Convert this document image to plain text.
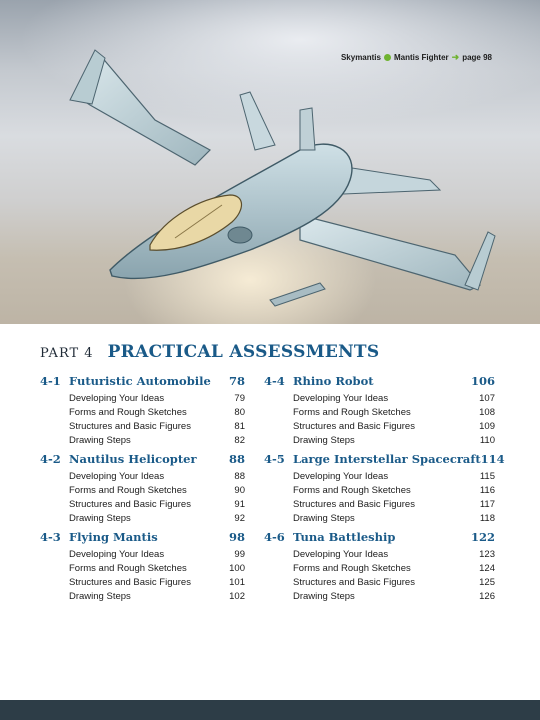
Skymantis Mantis Fighter ➜ page 98
PART 4 PRACTICAL ASSESSMENTS
4-1 Futuristic Automobile	78
Developing Your Ideas	79
Forms and Rough Sketches	80
Structures and Basic Figures	81
Drawing Steps	82
4-2 Nautilus Helicopter	88
Developing Your Ideas	88
Forms and Rough Sketches	90
Structures and Basic Figures	91
Drawing Steps	92
4-3 Flying Mantis	98
Developing Your Ideas	99
Forms and Rough Sketches	100
Structures and Basic Figures	101
Drawing Steps	102
4-4 Rhino Robot	106
Developing Your Ideas	107
Forms and Rough Sketches	108
Structures and Basic Figures	109
Drawing Steps	110
4-5 Large Interstellar Spacecraft 114
Developing Your Ideas	115
Forms and Rough Sketches	116
Structures and Basic Figures	117
Drawing Steps	118
4-6 Tuna Battleship	122
Developing Your Ideas	123
Forms and Rough Sketches	124
Structures and Basic Figures	125
Drawing Steps	126
